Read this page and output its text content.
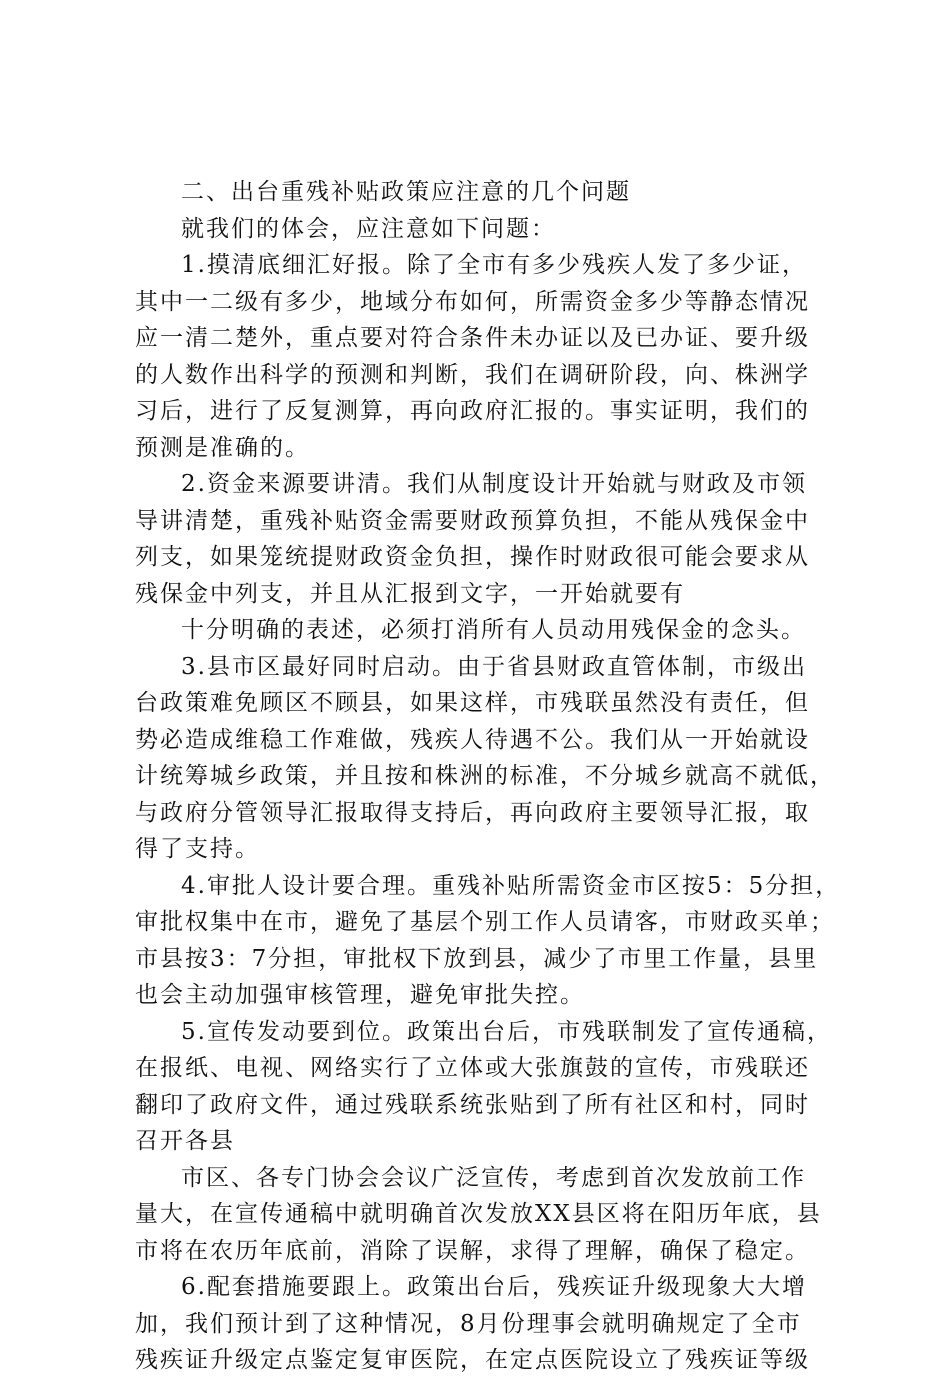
二、出台重残补贴政策应注意的几个问题
就我们的体会，应注意如下问题：
1.摸清底细汇好报。除了全市有多少残疾人发了多少证，
其中一二级有多少，地域分布如何，所需资金多少等静态情况
应一清二楚外，重点要对符合条件未办证以及已办证、要升级
的人数作出科学的预测和判断，我们在调研阶段，向、株洲学
习后，进行了反复测算，再向政府汇报的。事实证明，我们的
预测是准确的。
2.资金来源要讲清。我们从制度设计开始就与财政及市领
导讲清楚，重残补贴资金需要财政预算负担，不能从残保金中
列支，如果笼统提财政资金负担，操作时财政很可能会要求从
残保金中列支，并且从汇报到文字，一开始就要有
十分明确的表述，必须打消所有人员动用残保金的念头。
3.县市区最好同时启动。由于省县财政直管体制，市级出
台政策难免顾区不顾县，如果这样，市残联虽然没有责任，但
势必造成维稳工作难做，残疾人待遇不公。我们从一开始就设
计统筹城乡政策，并且按和株洲的标准，不分城乡就高不就低，
与政府分管领导汇报取得支持后，再向政府主要领导汇报，取
得了支持。
4.审批人设计要合理。重残补贴所需资金市区按5：5分担，
审批权集中在市，避免了基层个别工作人员请客，市财政买单；
市县按3：7分担，审批权下放到县，减少了市里工作量，县里
也会主动加强审核管理，避免审批失控。
5.宣传发动要到位。政策出台后，市残联制发了宣传通稿，
在报纸、电视、网络实行了立体或大张旗鼓的宣传，市残联还
翻印了政府文件，通过残联系统张贴到了所有社区和村，同时
召开各县
市区、各专门协会会议广泛宣传，考虑到首次发放前工作
量大，在宣传通稿中就明确首次发放XX县区将在阳历年底，县
市将在农历年底前，消除了误解，求得了理解，确保了稳定。
6.配套措施要跟上。政策出台后，残疾证升级现象大大增
加，我们预计到了这种情况，8月份理事会就明确规定了全市
残疾证升级定点鉴定复审医院，在定点医院设立了残疾证等级
